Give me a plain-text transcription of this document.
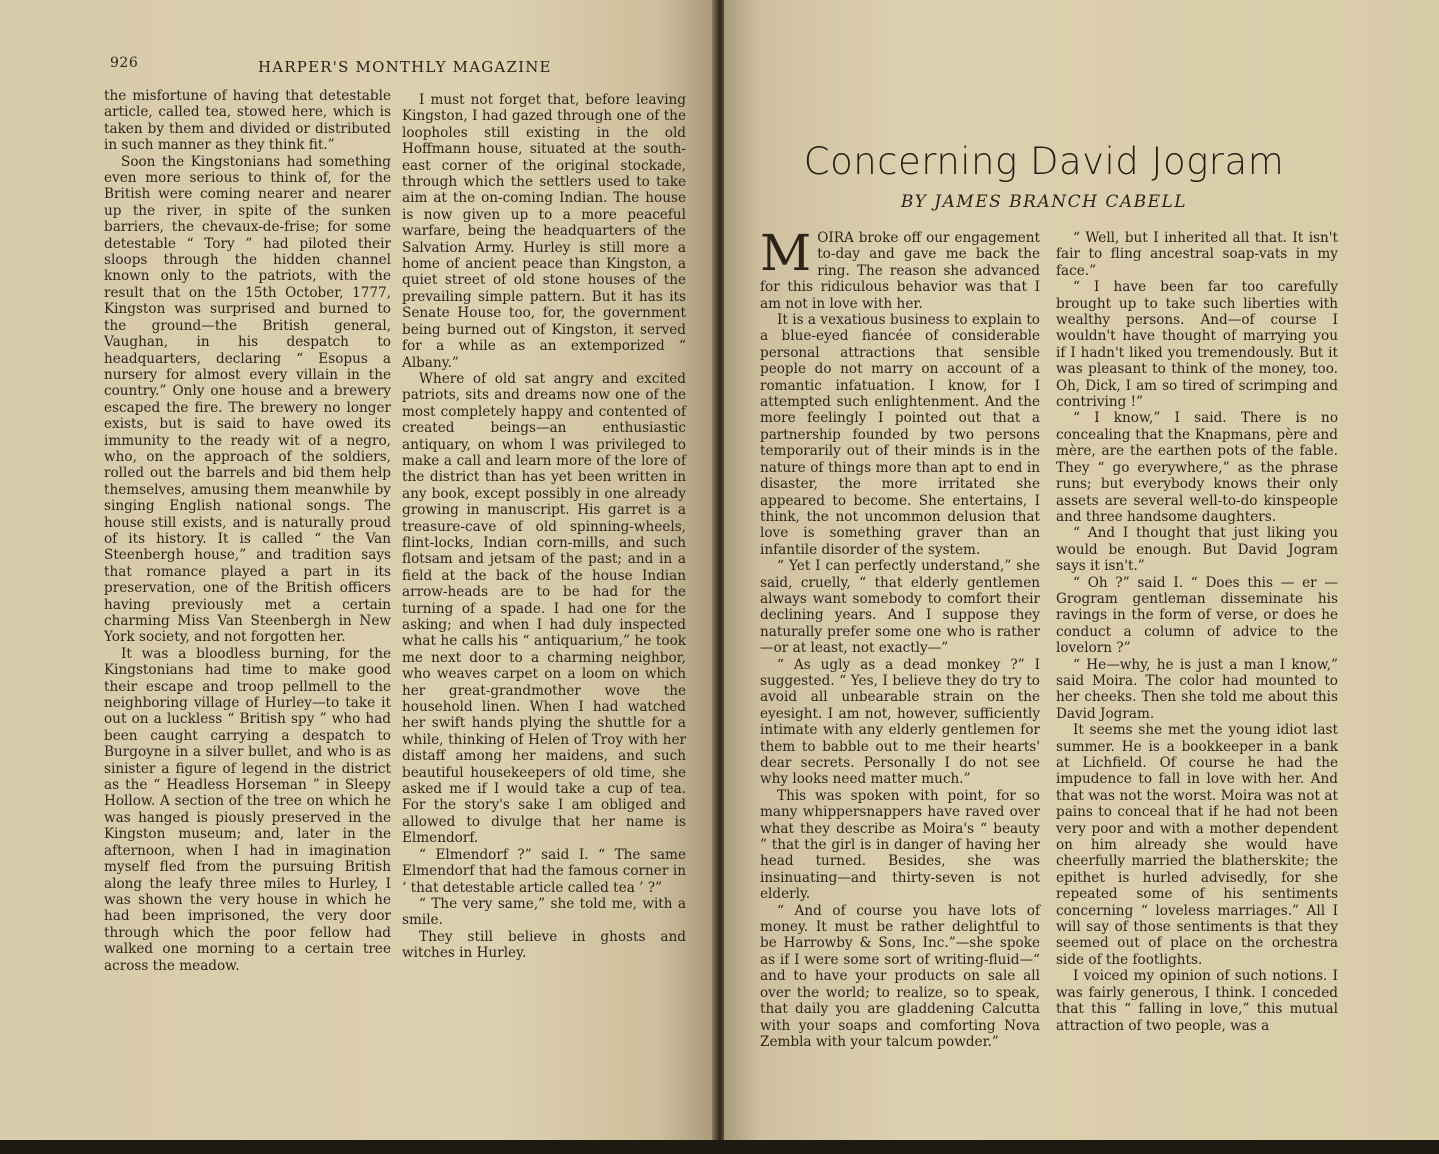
926	HARPER'S MONTHLY MAGAZINE

the misfortune of having that detestable article, called tea, stowed here, which is taken by them and divided or distributed in such manner as they think fit.”

Soon the Kingstonians had something even more serious to think of, for the British were coming nearer and nearer up the river, in spite of the sunken barriers, the chevaux-de-frise; for some detestable “ Tory ” had piloted their sloops through the hidden channel known only to the patriots, with the result that on the 15th October, 1777, Kingston was surprised and burned to the ground—the British general, Vaughan, in his despatch to headquarters, declaring “ Esopus a nursery for almost every villain in the country.” Only one house and a brewery escaped the fire. The brewery no longer exists, but is said to have owed its immunity to the ready wit of a negro, who, on the approach of the soldiers, rolled out the barrels and bid them help themselves, amusing them meanwhile by singing English national songs. The house still exists, and is naturally proud of its history. It is called “ the Van Steenbergh house,” and tradition says that romance played a part in its preservation, one of the British officers having previously met a certain charming Miss Van Steenbergh in New York society, and not forgotten her.

It was a bloodless burning, for the Kingstonians had time to make good their escape and troop pellmell to the neighboring village of Hurley—to take it out on a luckless “ British spy ” who had been caught carrying a despatch to Burgoyne in a silver bullet, and who is as sinister a figure of legend in the district as the “ Headless Horseman ” in Sleepy Hollow. A section of the tree on which he was hanged is piously preserved in the Kingston museum; and, later in the afternoon, when I had in imagination myself fled from the pursuing British along the leafy three miles to Hurley, I was shown the very house in which he had been imprisoned, the very door through which the poor fellow had walked one morning to a certain tree across the meadow.

I must not forget that, before leaving Kingston, I had gazed through one of the loopholes still existing in the old Hoffmann house, situated at the south-east corner of the original stockade, through which the settlers used to take aim at the on-coming Indian. The house is now given up to a more peaceful warfare, being the headquarters of the Salvation Army. Hurley is still more a home of ancient peace than Kingston, a quiet street of old stone houses of the prevailing simple pattern. But it has its Senate House too, for, the government being burned out of Kingston, it served for a while as an extemporized “ Albany.”

Where of old sat angry and excited patriots, sits and dreams now one of the most completely happy and contented of created beings—an enthusiastic antiquary, on whom I was privileged to make a call and learn more of the lore of the district than has yet been written in any book, except possibly in one already growing in manuscript. His garret is a treasure-cave of old spinning-wheels, flint-locks, Indian corn-mills, and such flotsam and jetsam of the past; and in a field at the back of the house Indian arrow-heads are to be had for the turning of a spade. I had one for the asking; and when I had duly inspected what he calls his “ antiquarium,” he took me next door to a charming neighbor, who weaves carpet on a loom on which her great-grandmother wove the household linen. When I had watched her swift hands plying the shuttle for a while, thinking of Helen of Troy with her distaff among her maidens, and such beautiful housekeepers of old time, she asked me if I would take a cup of tea. For the story's sake I am obliged and allowed to divulge that her name is Elmendorf.

“ Elmendorf ?” said I. “ The same Elmendorf that had the famous corner in ‘ that detestable article called tea ’ ?”

“ The very same,” she told me, with a smile.

They still believe in ghosts and witches in Hurley.

Concerning David Jogram
BY JAMES BRANCH CABELL

MOIRA broke off our engagement to-day and gave me back the ring. The reason she advanced for this ridiculous behavior was that I am not in love with her.

It is a vexatious business to explain to a blue-eyed fiancée of considerable personal attractions that sensible people do not marry on account of a romantic infatuation. I know, for I attempted such enlightenment. And the more feelingly I pointed out that a partnership founded by two persons temporarily out of their minds is in the nature of things more than apt to end in disaster, the more irritated she appeared to become. She entertains, I think, the not uncommon delusion that love is something graver than an infantile disorder of the system.

“ Yet I can perfectly understand,” she said, cruelly, “ that elderly gentlemen always want somebody to comfort their declining years. And I suppose they naturally prefer some one who is rather—or at least, not exactly—”

“ As ugly as a dead monkey ?” I suggested. “ Yes, I believe they do try to avoid all unbearable strain on the eyesight. I am not, however, sufficiently intimate with any elderly gentlemen for them to babble out to me their hearts' dear secrets. Personally I do not see why looks need matter much.”

This was spoken with point, for so many whippersnappers have raved over what they describe as Moira's “ beauty ” that the girl is in danger of having her head turned. Besides, she was insinuating—and thirty-seven is not elderly.

“ And of course you have lots of money. It must be rather delightful to be Harrowby & Sons, Inc.”—she spoke as if I were some sort of writing-fluid—“ and to have your products on sale all over the world; to realize, so to speak, that daily you are gladdening Calcutta with your soaps and comforting Nova Zembla with your talcum powder.”

“ Well, but I inherited all that. It isn't fair to fling ancestral soap-vats in my face.”

“ I have been far too carefully brought up to take such liberties with wealthy persons. And—of course I wouldn't have thought of marrying you if I hadn't liked you tremendously. But it was pleasant to think of the money, too. Oh, Dick, I am so tired of scrimping and contriving !”

“ I know,” I said. There is no concealing that the Knapmans, père and mère, are the earthen pots of the fable. They “ go everywhere,” as the phrase runs; but everybody knows their only assets are several well-to-do kinspeople and three handsome daughters.

“ And I thought that just liking you would be enough. But David Jogram says it isn't.”

“ Oh ?” said I. “ Does this — er — Grogram gentleman disseminate his ravings in the form of verse, or does he conduct a column of advice to the lovelorn ?”

“ He—why, he is just a man I know,” said Moira. The color had mounted to her cheeks. Then she told me about this David Jogram.

It seems she met the young idiot last summer. He is a bookkeeper in a bank at Lichfield. Of course he had the impudence to fall in love with her. And that was not the worst. Moira was not at pains to conceal that if he had not been very poor and with a mother dependent on him already she would have cheerfully married the blatherskite; the epithet is hurled advisedly, for she repeated some of his sentiments concerning “ loveless marriages.” All I will say of those sentiments is that they seemed out of place on the orchestra side of the footlights.

I voiced my opinion of such notions. I was fairly generous, I think. I conceded that this “ falling in love,” this mutual attraction of two people, was a
